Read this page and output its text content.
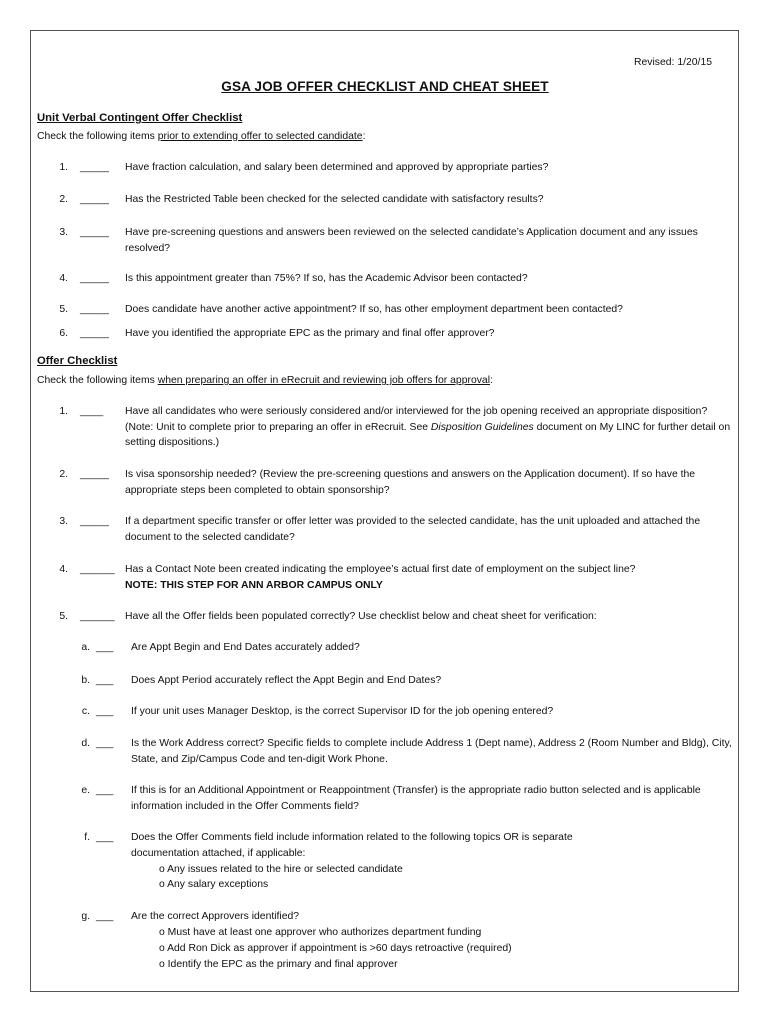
Revised: 1/20/15
GSA JOB OFFER CHECKLIST AND CHEAT SHEET
Unit Verbal Contingent Offer Checklist
Check the following items prior to extending offer to selected candidate:
1. _____ Have fraction calculation, and salary been determined and approved by appropriate parties?
2. _____ Has the Restricted Table been checked for the selected candidate with satisfactory results?
3. _____ Have pre-screening questions and answers been reviewed on the selected candidate’s Application document and any issues resolved?
4. _____ Is this appointment greater than 75%? If so, has the Academic Advisor been contacted?
5. _____ Does candidate have another active appointment? If so, has other employment department been contacted?
6. _____ Have you identified the appropriate EPC as the primary and final offer approver?
Offer Checklist
Check the following items when preparing an offer in eRecruit and reviewing job offers for approval:
1. ____ Have all candidates who were seriously considered and/or interviewed for the job opening received an appropriate disposition? (Note: Unit to complete prior to preparing an offer in eRecruit. See Disposition Guidelines document on My LINC for further detail on setting dispositions.)
2. _____ Is visa sponsorship needed? (Review the pre-screening questions and answers on the Application document). If so have the appropriate steps been completed to obtain sponsorship?
3. _____ If a department specific transfer or offer letter was provided to the selected candidate, has the unit uploaded and attached the document to the selected candidate?
4. ______ Has a Contact Note been created indicating the employee’s actual first date of employment on the subject line?
NOTE: THIS STEP FOR ANN ARBOR CAMPUS ONLY
5. ______ Have all the Offer fields been populated correctly? Use checklist below and cheat sheet for verification:
a. ___ Are Appt Begin and End Dates accurately added?
b. ___ Does Appt Period accurately reflect the Appt Begin and End Dates?
c. ___ If your unit uses Manager Desktop, is the correct Supervisor ID for the job opening entered?
d. ___ Is the Work Address correct? Specific fields to complete include Address 1 (Dept name), Address 2 (Room Number and Bldg), City, State, and Zip/Campus Code and ten-digit Work Phone.
e. ___ If this is for an Additional Appointment or Reappointment (Transfer) is the appropriate radio button selected and is applicable information included in the Offer Comments field?
f. ___ Does the Offer Comments field include information related to the following topics OR is separate documentation attached, if applicable:
o Any issues related to the hire or selected candidate
o Any salary exceptions
g. ___ Are the correct Approvers identified?
o Must have at least one approver who authorizes department funding
o Add Ron Dick as approver if appointment is >60 days retroactive (required)
o Identify the EPC as the primary and final approver
